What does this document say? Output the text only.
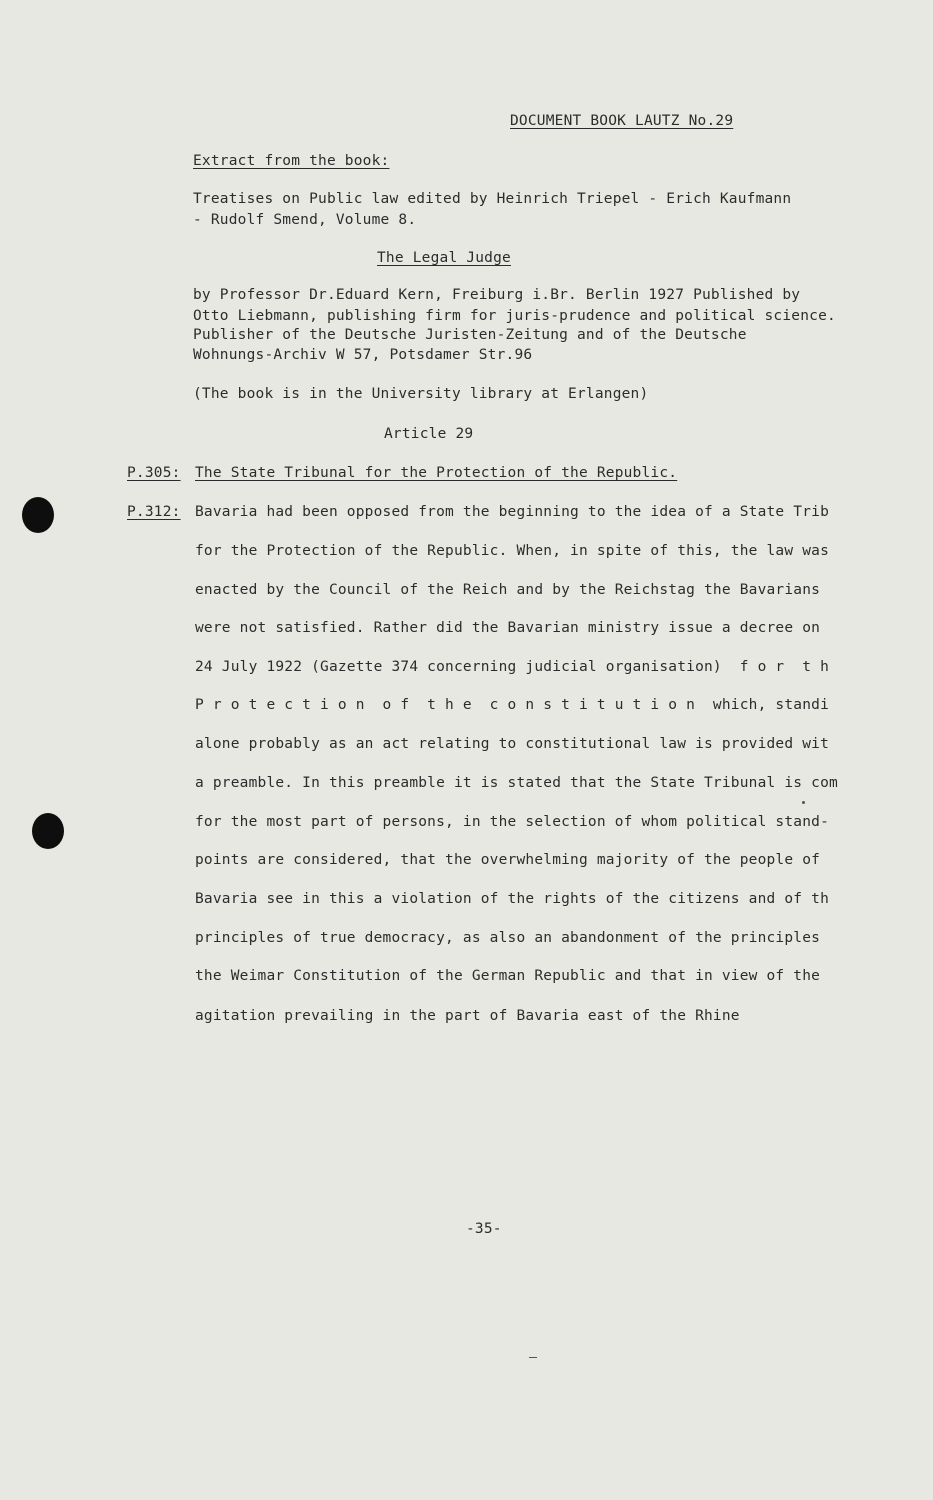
DOCUMENT BOOK LAUTZ No.29
Extract from the book:
Treatises on Public law edited by Heinrich Triepel - Erich Kaufmann
- Rudolf Smend, Volume 8.
The Legal Judge
by Professor Dr.Eduard Kern, Freiburg i.Br. Berlin 1927 Published by
Otto Liebmann, publishing firm for juris-prudence and political science.
Publisher of the Deutsche Juristen-Zeitung and of the Deutsche
Wohnungs-Archiv W 57, Potsdamer Str.96
(The book is in the University library at Erlangen)
Article 29
P.305: The State Tribunal for the Protection of the Republic.
P.312: Bavaria had been opposed from the beginning to the idea of a State Trib
for the Protection of the Republic. When, in spite of this, the law was
enacted by the Council of the Reich and by the Reichstag the Bavarians
were not satisfied. Rather did the Bavarian ministry issue a decree on
24 July 1922 (Gazette 374 concerning judicial organisation)  f o r  t h
P r o t e c t i o n  o f  t h e  c o n s t i t u t i o n  which, standi
alone probably as an act relating to constitutional law is provided wit
a preamble. In this preamble it is stated that the State Tribunal is com
for the most part of persons, in the selection of whom political stand-
points are considered, that the overwhelming majority of the people of
Bavaria see in this a violation of the rights of the citizens and of th
principles of true democracy, as also an abandonment of the principles
the Weimar Constitution of the German Republic and that in view of the
agitation prevailing in the part of Bavaria east of the Rhine
-35-
